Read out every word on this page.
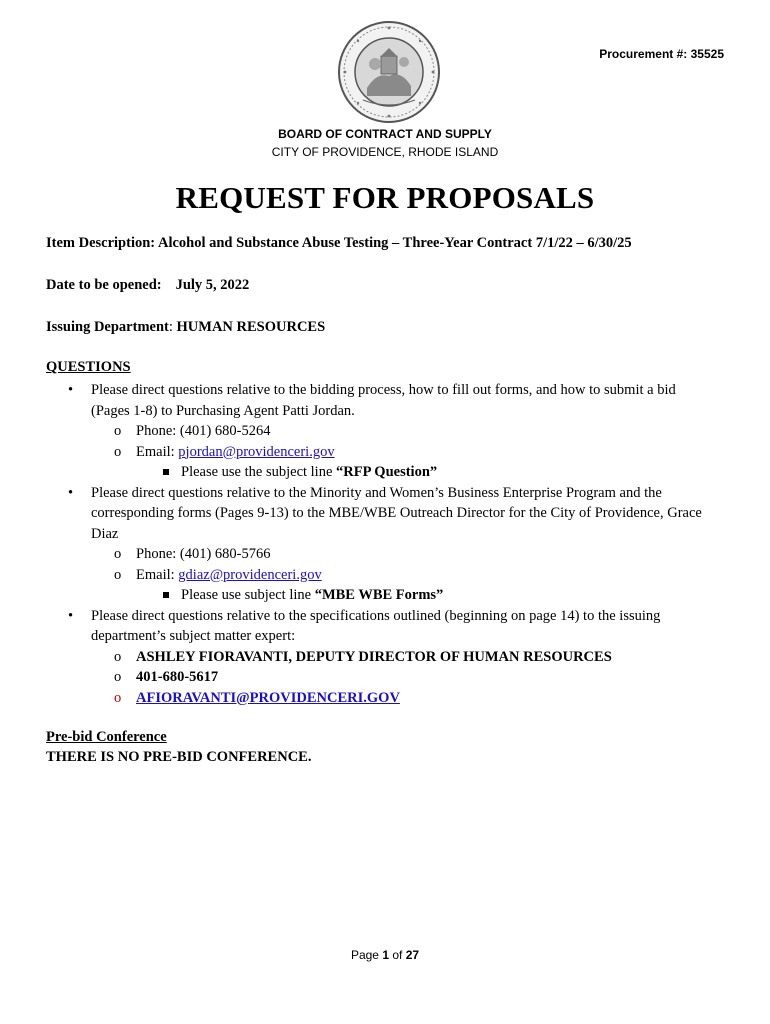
Procurement #: 35525
BOARD OF CONTRACT AND SUPPLY
CITY OF PROVIDENCE, RHODE ISLAND
REQUEST FOR PROPOSALS
Item Description: Alcohol and Substance Abuse Testing – Three-Year Contract 7/1/22 – 6/30/25
Date to be opened: July 5, 2022
Issuing Department: HUMAN RESOURCES
QUESTIONS
• Please direct questions relative to the bidding process, how to fill out forms, and how to submit a bid (Pages 1-8) to Purchasing Agent Patti Jordan.
o Phone: (401) 680-5264
o Email: pjordan@providenceri.gov
Please use the subject line “RFP Question”
• Please direct questions relative to the Minority and Women’s Business Enterprise Program and the corresponding forms (Pages 9-13) to the MBE/WBE Outreach Director for the City of Providence, Grace Diaz
o Phone: (401) 680-5766
o Email: gdiaz@providenceri.gov
Please use subject line “MBE WBE Forms”
• Please direct questions relative to the specifications outlined (beginning on page 14) to the issuing department’s subject matter expert:
o ASHLEY FIORAVANTI, DEPUTY DIRECTOR OF HUMAN RESOURCES
o 401-680-5617
o AFIORAVANTI@PROVIDENCERI.GOV
Pre-bid Conference
THERE IS NO PRE-BID CONFERENCE.
Page 1 of 27
